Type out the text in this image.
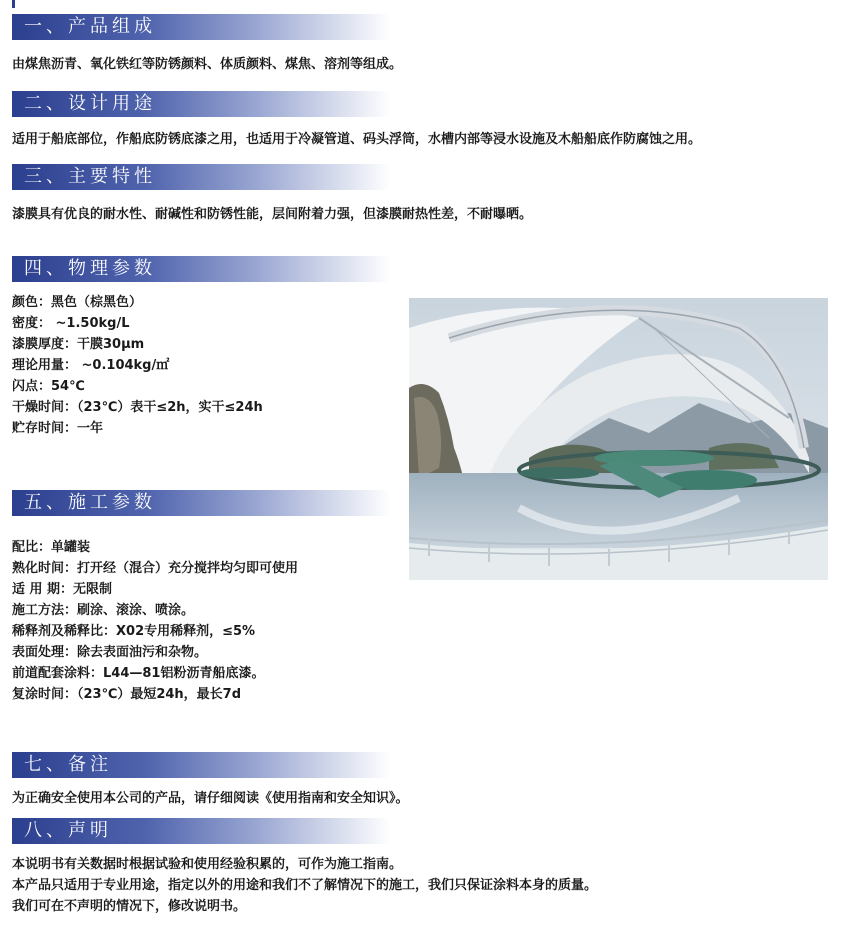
一、产品组成

由煤焦沥青、氧化铁红等防锈颜料、体质颜料、煤焦、溶剂等组成。

二、设计用途

适用于船底部位，作船底防锈底漆之用，也适用于冷凝管道、码头浮筒，水槽内部等浸水设施及木船船底作防腐蚀之用。

三、主要特性

漆膜具有优良的耐水性、耐碱性和防锈性能，层间附着力强，但漆膜耐热性差，不耐曝晒。

四、物理参数
颜色：黑色（棕黑色）
密度： ~1.50kg/L
漆膜厚度：干膜30μm
理论用量： ~0.104kg/㎡
闪点：54℃
干燥时间：（23℃）表干≤2h，实干≤24h
贮存时间：一年
五、施工参数
配比：单罐装
熟化时间：打开经（混合）充分搅拌均匀即可使用
适 用 期：无限制
施工方法：刷涂、滚涂、喷涂。
稀释剂及稀释比：X02专用稀释剂，≤5%
表面处理：除去表面油污和杂物。
前道配套涂料：L44—81铝粉沥青船底漆。
复涂时间：（23℃）最短24h，最长7d
七、备注

为正确安全使用本公司的产品，请仔细阅读《使用指南和安全知识》。

八、声明
本说明书有关数据时根据试验和使用经验积累的，可作为施工指南。
本产品只适用于专业用途，指定以外的用途和我们不了解情况下的施工，我们只保证涂料本身的质量。
我们可在不声明的情况下，修改说明书。
